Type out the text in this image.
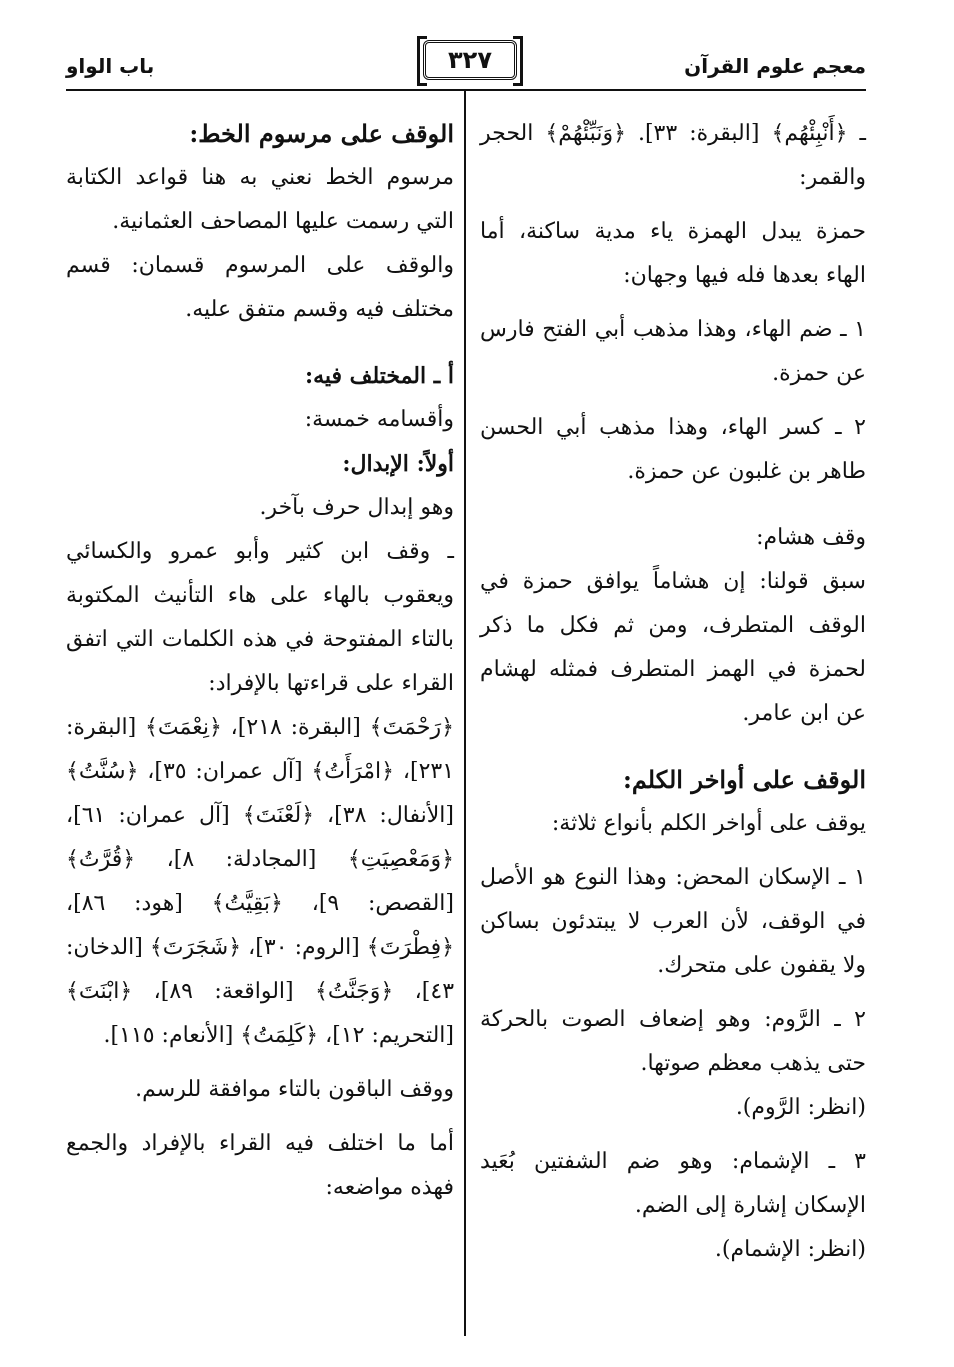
معجم علوم القرآن
٣٢٧
باب الواو

ـ ﴿أَنْبِئْهُم﴾ [البقرة: ٣٣]. ﴿وَنَبِّئْهُمْ﴾ الحجر والقمر:

حمزة يبدل الهمزة ياء مدية ساكنة، أما الهاء بعدها فله فيها وجهان:

١ ـ ضم الهاء، وهذا مذهب أبي الفتح فارس عن حمزة.

٢ ـ كسر الهاء، وهذا مذهب أبي الحسن طاهر بن غلبون عن حمزة.

وقف هشام:

سبق قولنا: إن هشاماً يوافق حمزة في الوقف المتطرف، ومن ثم فكل ما ذكر لحمزة في الهمز المتطرف فمثله لهشام عن ابن عامر.

الوقف على أواخر الكلم:

يوقف على أواخر الكلم بأنواع ثلاثة:

١ ـ الإسكان المحض: وهذا النوع هو الأصل في الوقف، لأن العرب لا يبتدئون بساكن ولا يقفون على متحرك.

٢ ـ الرَّوم: وهو إضعاف الصوت بالحركة حتى يذهب معظم صوتها.

(انظر: الرَّوم).

٣ ـ الإشمام: وهو ضم الشفتين بُعَيد الإسكان إشارة إلى الضم.

(انظر: الإشمام).

الوقف على مرسوم الخط:

مرسوم الخط نعني به هنا قواعد الكتابة التي رسمت عليها المصاحف العثمانية.

والوقف على المرسوم قسمان: قسم مختلف فيه وقسم متفق عليه.

أ ـ المختلف فيه:

وأقسامه خمسة:

أولاً: الإبدال:

وهو إبدال حرف بآخر.

ـ وقف ابن كثير وأبو عمرو والكسائي ويعقوب بالهاء على هاء التأنيث المكتوبة بالتاء المفتوحة في هذه الكلمات التي اتفق القراء على قراءتها بالإفراد:

﴿رَحْمَتَ﴾ [البقرة: ٢١٨]، ﴿نِعْمَتَ﴾ [البقرة: ٢٣١]، ﴿امْرَأَتُ﴾ [آل عمران: ٣٥]، ﴿سُنَّتُ﴾ [الأنفال: ٣٨]، ﴿لَعْنَتَ﴾ [آل عمران: ٦١]، ﴿وَمَعْصِيَتِ﴾ [المجادلة: ٨]، ﴿قُرَّتُ﴾ [القصص: ٩]، ﴿بَقِيَّتُ﴾ [هود: ٨٦]، ﴿فِطْرَتَ﴾ [الروم: ٣٠]، ﴿شَجَرَتَ﴾ [الدخان: ٤٣]، ﴿وَجَنَّتُ﴾ [الواقعة: ٨٩]، ﴿ابْنَتَ﴾ [التحريم: ١٢]، ﴿كَلِمَتُ﴾ [الأنعام: ١١٥].

ووقف الباقون بالتاء موافقة للرسم.

أما ما اختلف فيه القراء بالإفراد والجمع فهذه مواضعه:
